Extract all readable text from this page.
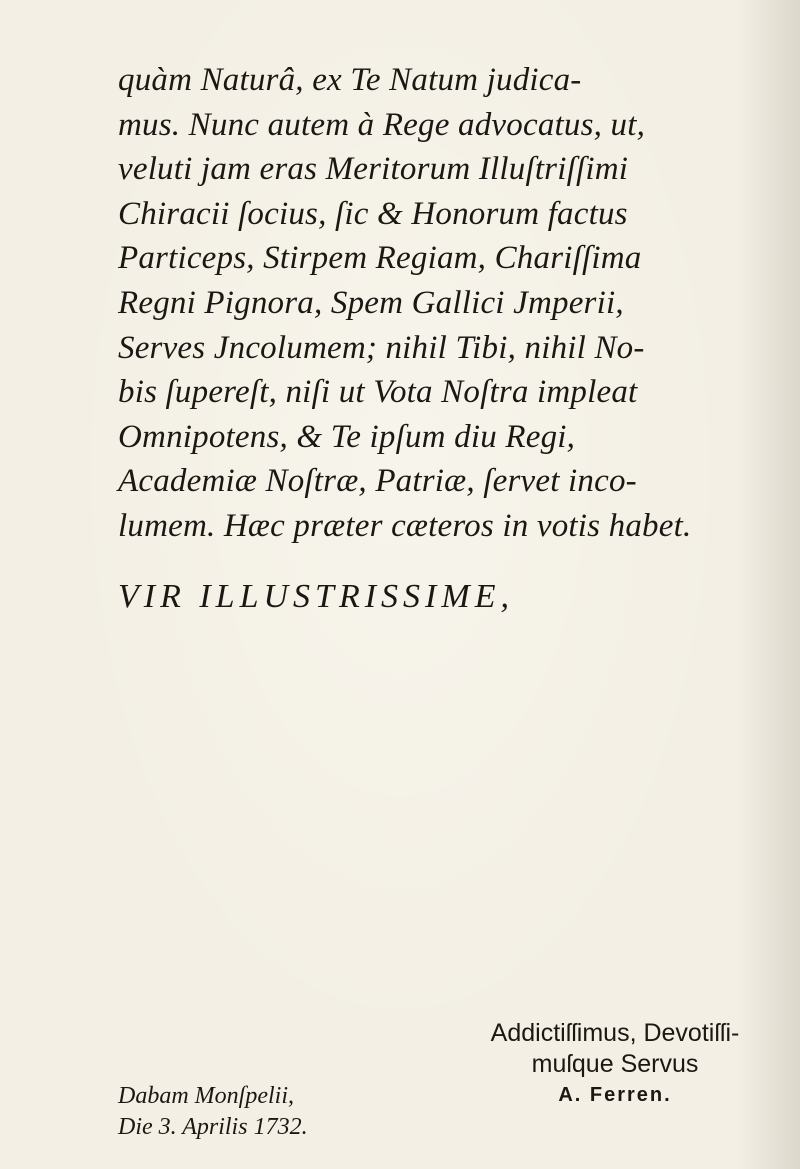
quàm Naturâ, ex Te Natum judica-
mus. Nunc autem à Rege advocatus, ut,
veluti jam eras Meritorum Illuſtriſſimi
Chiracii ſocius, ſic & Honorum factus
Particeps, Stirpem Regiam, Chariſſima
Regni Pignora, Spem Gallici Jmperii,
Serves Jncolumem; nihil Tibi, nihil No-
bis ſupereſt, niſi ut Vota Noſtra impleat
Omnipotens, & Te ipſum diu Regi,
Academiæ Noſtræ, Patriæ, ſervet inco-
lumem. Hæc præter cæteros in votis habet.

VIR ILLUSTRISSIME,
Addictiſſimus, Devotiſſi-
muſque Servus
A. Ferren.
Dabam Monſpelii,
Die 3. Aprilis 1732.
